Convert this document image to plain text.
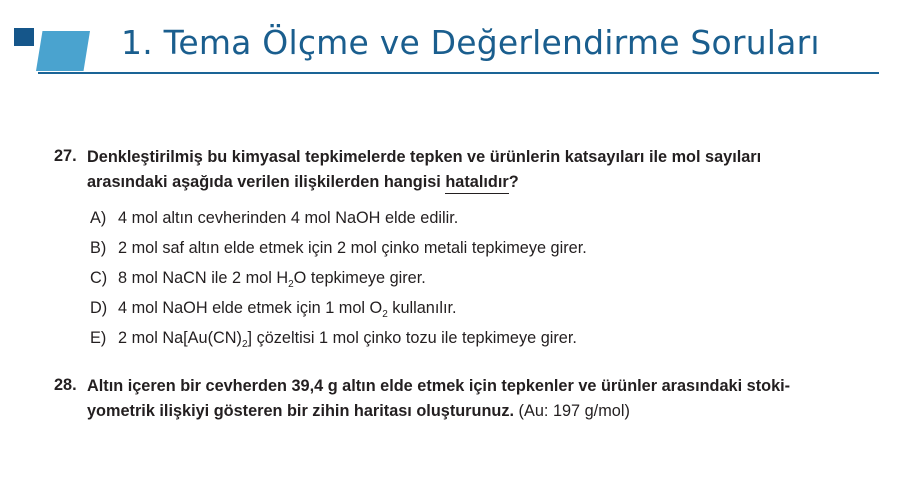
1. Tema Ölçme ve Değerlendirme Soruları
27. Denkleştirilmiş bu kimyasal tepkimelerde tepken ve ürünlerin katsayıları ile mol sayıları
arasındaki aşağıda verilen ilişkilerden hangisi hatalıdır?
A) 4 mol altın cevherinden 4 mol NaOH elde edilir.
B) 2 mol saf altın elde etmek için 2 mol çinko metali tepkimeye girer.
C) 8 mol NaCN ile 2 mol $H_2O$ tepkimeye girer.
D) 4 mol NaOH elde etmek için 1 mol $O_2$ kullanılır.
E) 2 mol $Na[Au(CN)_2]$ çözeltisi 1 mol çinko tozu ile tepkimeye girer.
28. Altın içeren bir cevherden 39,4 g altın elde etmek için tepkenler ve ürünler arasındaki stoki-
yometrik ilişkiyi gösteren bir zihin haritası oluşturunuz. (Au: 197 g/mol)
